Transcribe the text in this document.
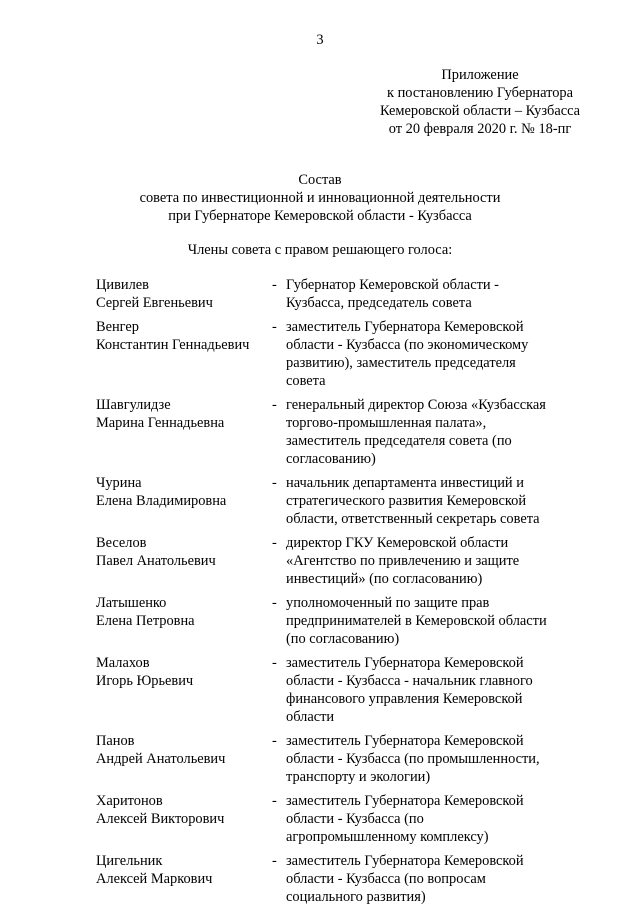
3
Приложение
к постановлению Губернатора
Кемеровской области – Кузбасса
от 20 февраля 2020 г. № 18-пг
Состав
совета по инвестиционной и инновационной деятельности
при Губернаторе Кемеровской области - Кузбасса
Члены совета с правом решающего голоса:
Цивилев
Сергей Евгеньевич
- Губернатор Кемеровской области - Кузбасса, председатель совета
Венгер
Константин Геннадьевич
- заместитель Губернатора Кемеровской области - Кузбасса (по экономическому развитию), заместитель председателя совета
Шавгулидзе
Марина Геннадьевна
- генеральный директор Союза «Кузбасская торгово-промышленная палата», заместитель председателя совета (по согласованию)
Чурина
Елена Владимировна
- начальник департамента инвестиций и стратегического развития Кемеровской области, ответственный секретарь совета
Веселов
Павел Анатольевич
- директор ГКУ Кемеровской области «Агентство по привлечению и защите инвестиций» (по согласованию)
Латышенко
Елена Петровна
- уполномоченный по защите прав предпринимателей в Кемеровской области (по согласованию)
Малахов
Игорь Юрьевич
- заместитель Губернатора Кемеровской области - Кузбасса - начальник главного финансового управления Кемеровской области
Панов
Андрей Анатольевич
- заместитель Губернатора Кемеровской области - Кузбасса (по промышленности, транспорту и экологии)
Харитонов
Алексей Викторович
- заместитель Губернатора Кемеровской области - Кузбасса (по агропромышленному комплексу)
Цигельник
Алексей Маркович
- заместитель Губернатора Кемеровской области - Кузбасса (по вопросам социального развития)
